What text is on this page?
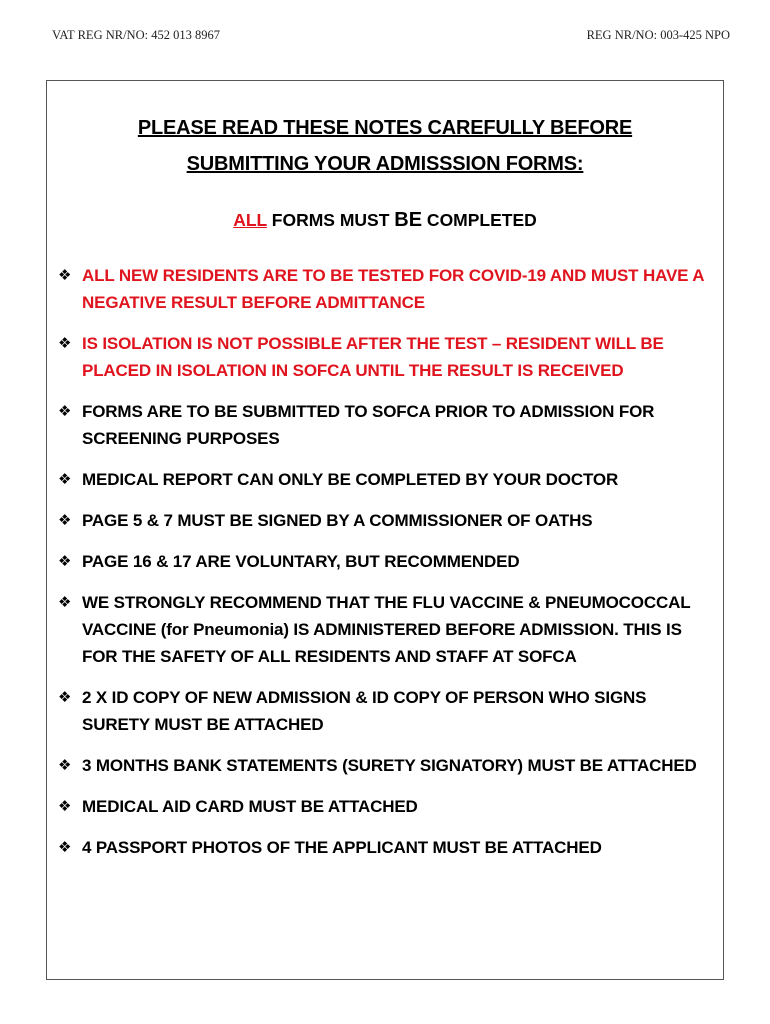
VAT REG NR/NO: 452 013 8967	REG NR/NO: 003-425 NPO
PLEASE READ THESE NOTES CAREFULLY BEFORE
SUBMITTING YOUR ADMISSSION FORMS:
ALL FORMS MUST BE COMPLETED
❖ ALL NEW RESIDENTS ARE TO BE TESTED FOR COVID-19 AND MUST HAVE A NEGATIVE RESULT BEFORE ADMITTANCE
❖ IS ISOLATION IS NOT POSSIBLE AFTER THE TEST – RESIDENT WILL BE PLACED IN ISOLATION IN SOFCA UNTIL THE RESULT IS RECEIVED
❖ FORMS ARE TO BE SUBMITTED TO SOFCA PRIOR TO ADMISSION FOR SCREENING PURPOSES
❖ MEDICAL REPORT CAN ONLY BE COMPLETED BY YOUR DOCTOR
❖ PAGE 5 & 7 MUST BE SIGNED BY A COMMISSIONER OF OATHS
❖ PAGE 16 & 17 ARE VOLUNTARY, BUT RECOMMENDED
❖ WE STRONGLY RECOMMEND THAT THE FLU VACCINE & PNEUMOCOCCAL VACCINE (for Pneumonia) IS ADMINISTERED BEFORE ADMISSION. THIS IS FOR THE SAFETY OF ALL RESIDENTS AND STAFF AT SOFCA
❖ 2 X ID COPY OF NEW ADMISSION & ID COPY OF PERSON WHO SIGNS SURETY MUST BE ATTACHED
❖ 3 MONTHS BANK STATEMENTS (SURETY SIGNATORY) MUST BE ATTACHED
❖ MEDICAL AID CARD MUST BE ATTACHED
❖ 4 PASSPORT PHOTOS OF THE APPLICANT MUST BE ATTACHED
